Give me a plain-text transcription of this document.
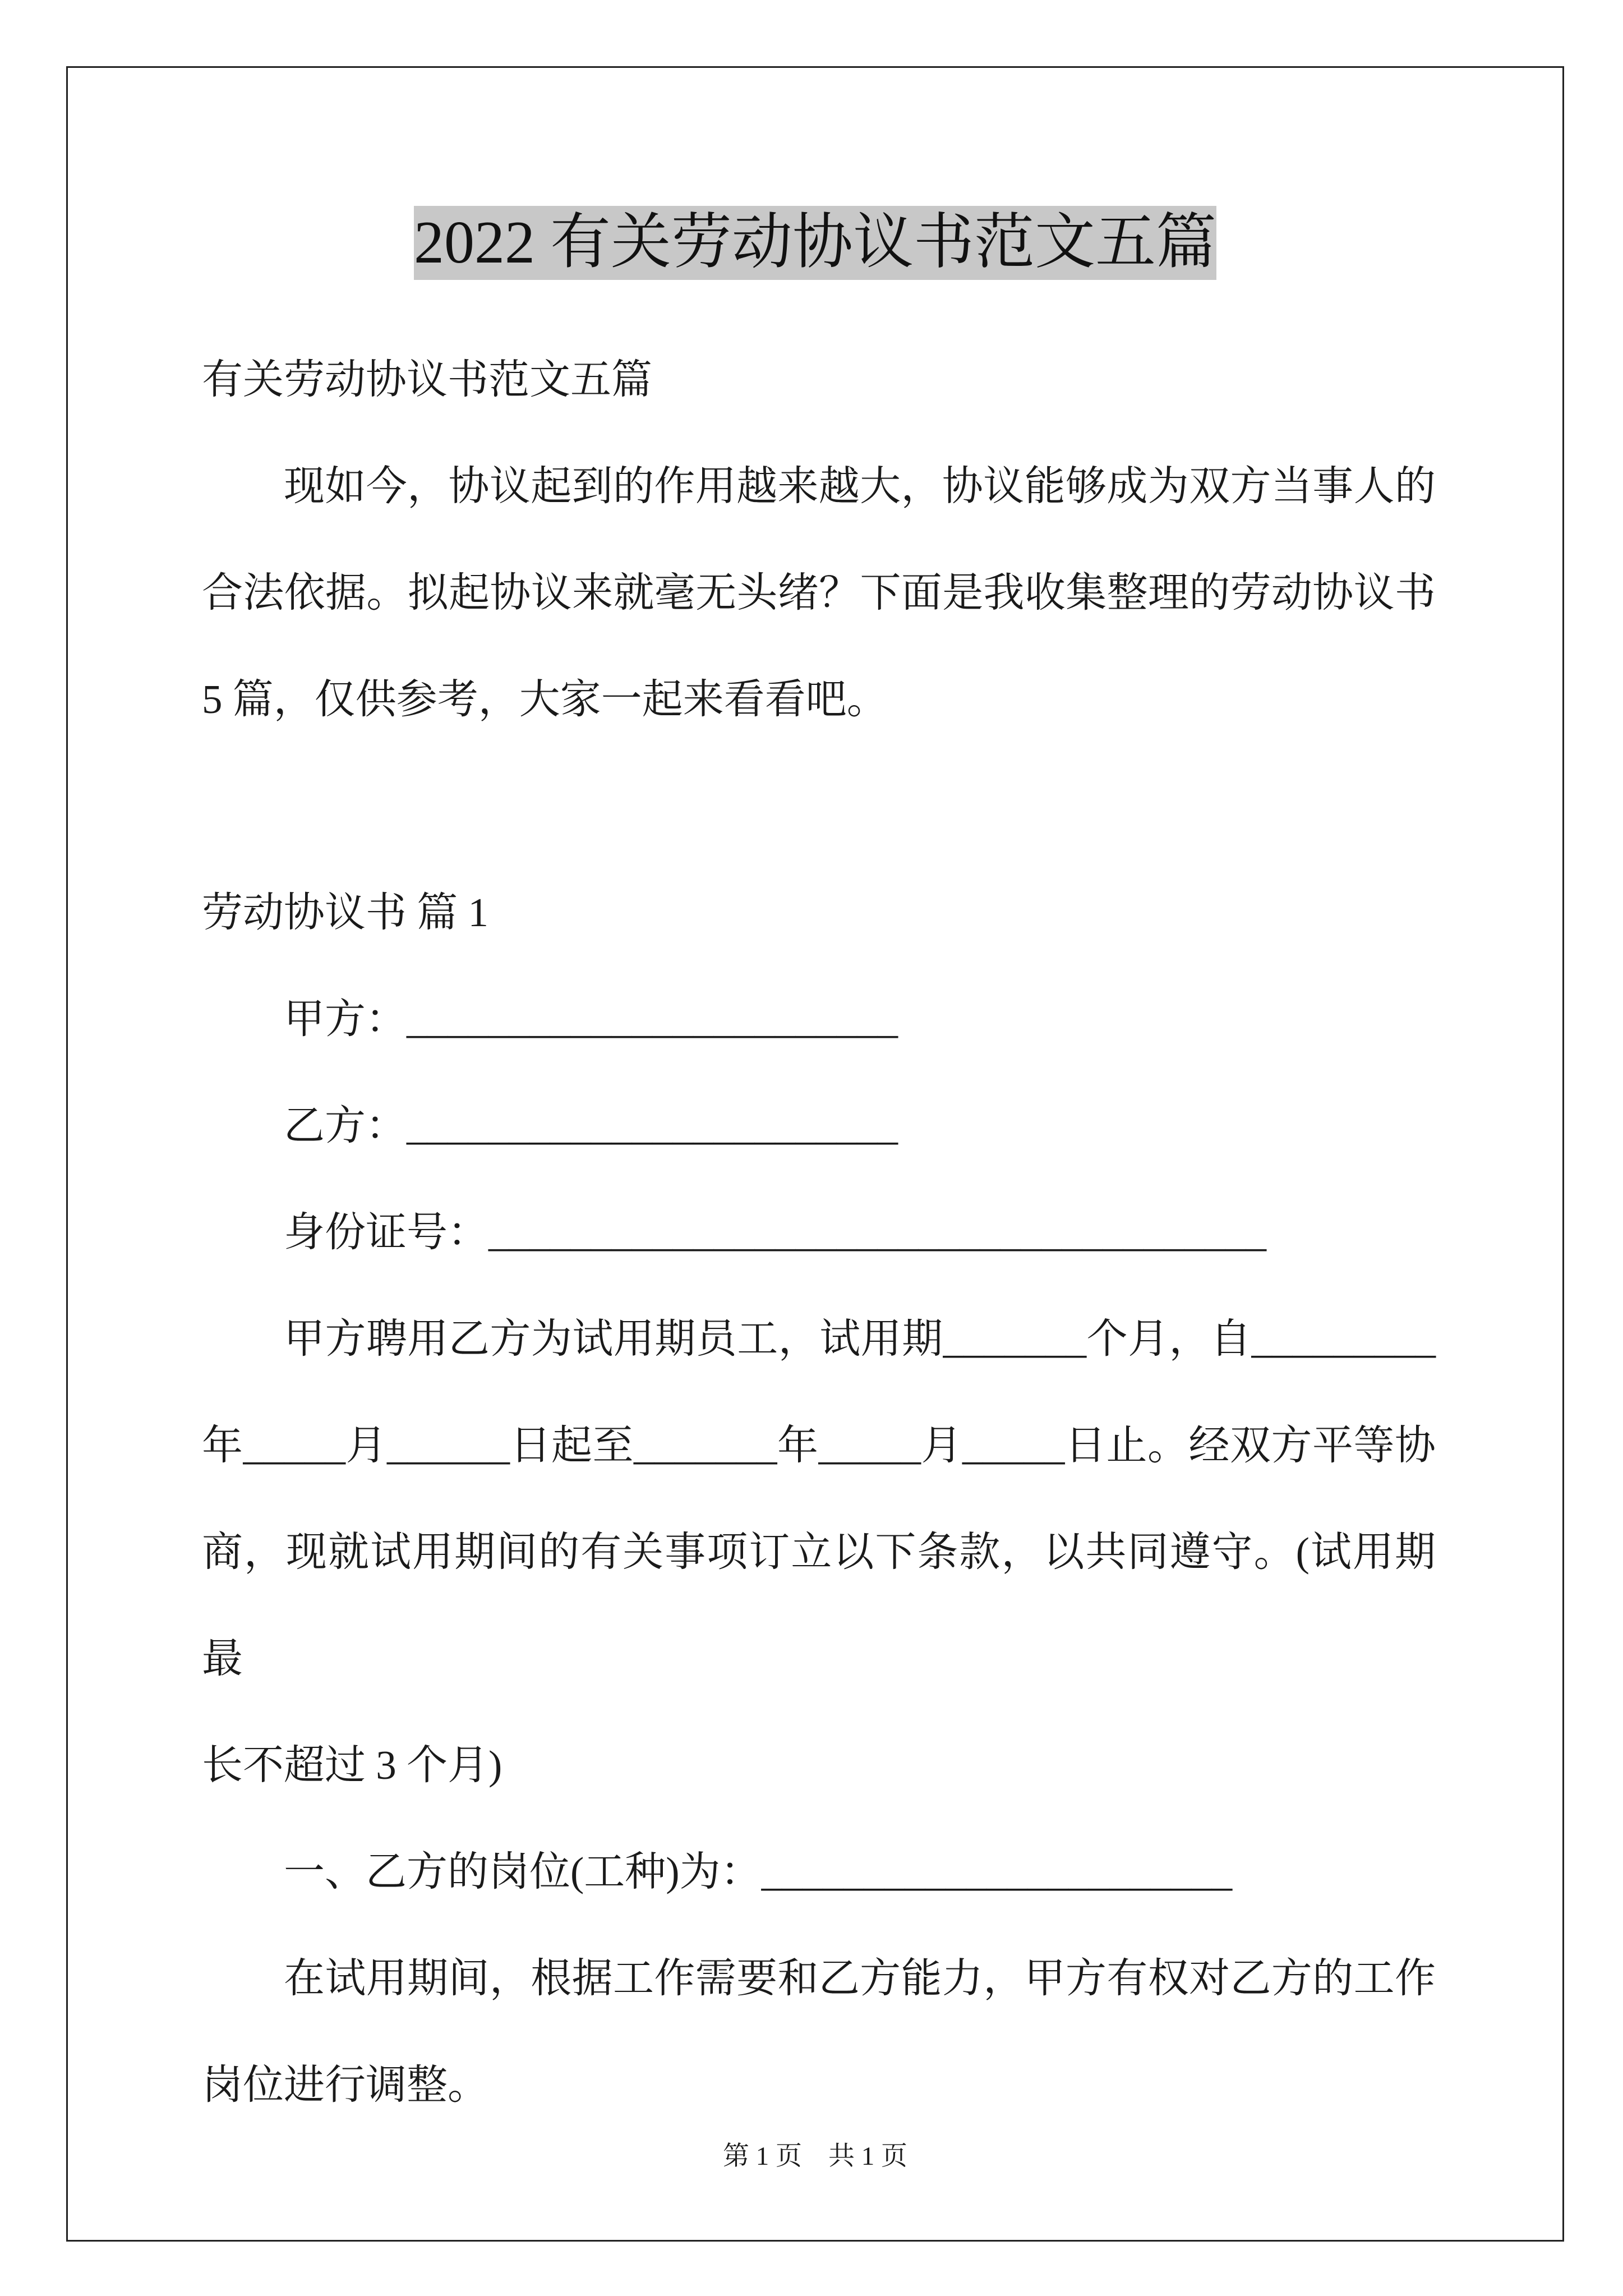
2022 有关劳动协议书范文五篇
有关劳动协议书范文五篇
现如今，协议起到的作用越来越大，协议能够成为双方当事人的
合法依据。拟起协议来就毫无头绪？下面是我收集整理的劳动协议书
5 篇，仅供参考，大家一起来看看吧。
劳动协议书 篇 1
甲方：________________________
乙方：________________________
身份证号：______________________________________
甲方聘用乙方为试用期员工，试用期_______个月，自_________
年_____月______日起至_______年_____月_____日止。经双方平等协
商，现就试用期间的有关事项订立以下条款，以共同遵守。(试用期最
长不超过 3 个月)
一、乙方的岗位(工种)为：_______________________
在试用期间，根据工作需要和乙方能力，甲方有权对乙方的工作
岗位进行调整。
第 1 页　共 1 页
